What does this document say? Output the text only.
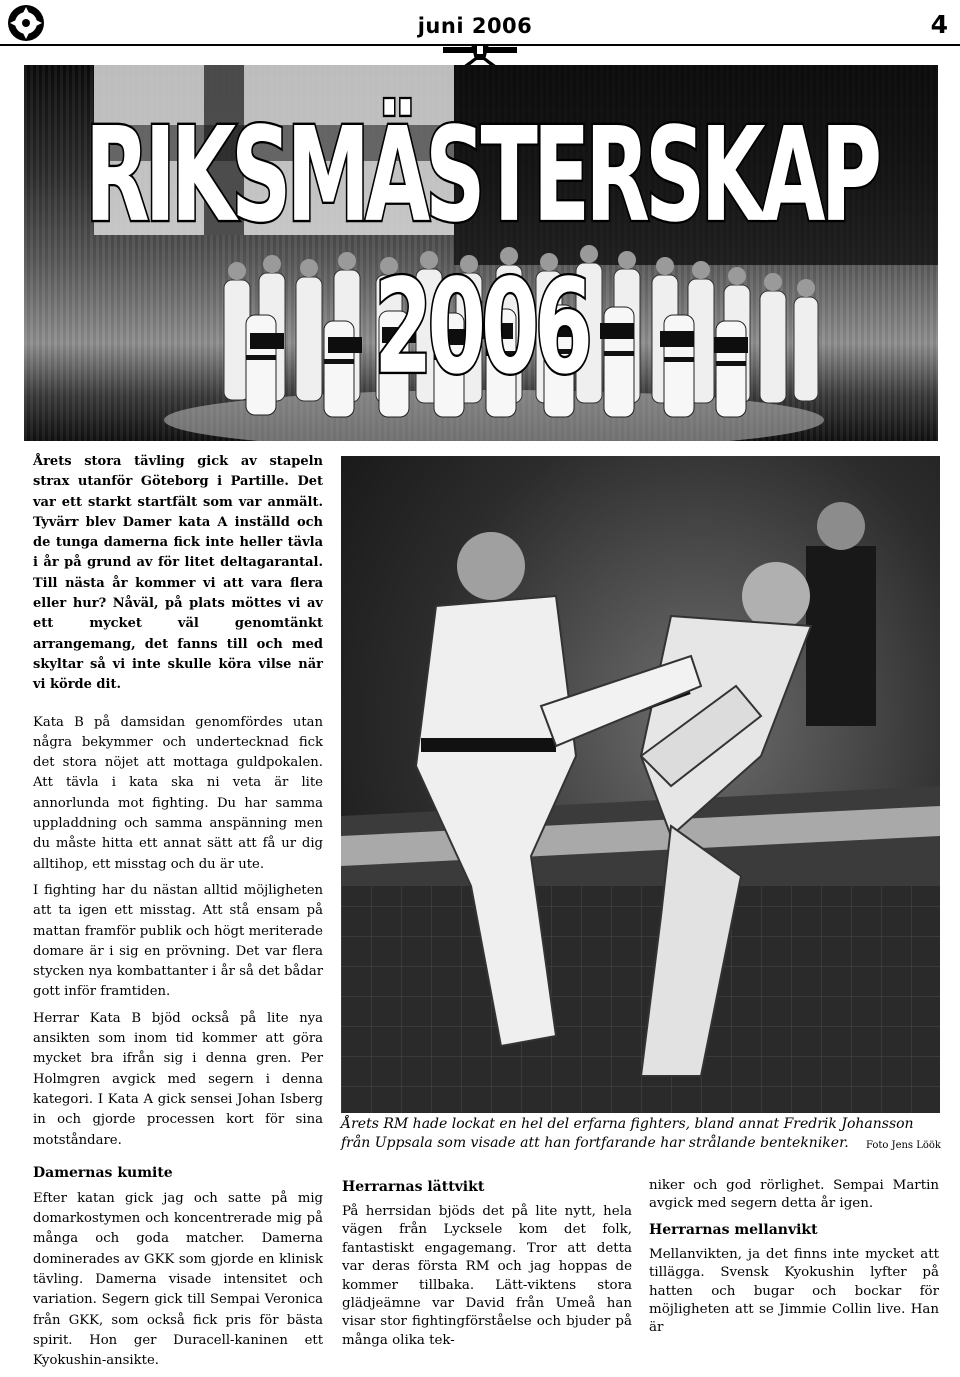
juni 2006	4

RIKSMÄSTERSKAP 2006

Årets stora tävling gick av stapeln strax utanför Göteborg i Partille. Det var ett starkt startfält som var anmält. Tyvärr blev Damer kata A inställd och de tunga damerna fick inte heller tävla i år på grund av för litet deltagarantal. Till nästa år kommer vi att vara flera eller hur? Nåväl, på plats möttes vi av ett mycket väl genomtänkt arrangemang, det fanns till och med skyltar så vi inte skulle köra vilse när vi körde dit.

Kata B på damsidan genomfördes utan några bekymmer och undertecknad fick det stora nöjet att mottaga guldpokalen. Att tävla i kata ska ni veta är lite annorlunda mot fighting. Du har samma uppladdning och samma anspänning men du måste hitta ett annat sätt att få ur dig alltihop, ett misstag och du är ute.

I fighting har du nästan alltid möjligheten att ta igen ett misstag. Att stå ensam på mattan framför publik och högt meriterade domare är i sig en prövning. Det var flera stycken nya kombattanter i år så det bådar gott inför framtiden.

Herrar Kata B bjöd också på lite nya ansikten som inom tid kommer att göra mycket bra ifrån sig i denna gren. Per Holmgren avgick med segern i denna kategori. I Kata A gick sensei Johan Isberg in och gjorde processen kort för sina motståndare.

Damernas kumite

Efter katan gick jag och satte på mig domarkostymen och koncentrerade mig på många och goda matcher. Damerna dominerades av GKK som gjorde en klinisk tävling. Damerna visade intensitet och variation. Segern gick till Sempai Veronica från GKK, som också fick pris för bästa spirit. Hon ger Duracell-kaninen ett Kyokushin-ansikte.

Årets RM hade lockat en hel del erfarna fighters, bland annat Fredrik Johansson från Uppsala som visade att han fortfarande har strålande bentekniker. Foto Jens Löök

Herrarnas lättvikt

På herrsidan bjöds det på lite nytt, hela vägen från Lycksele kom det folk, fantastiskt engagemang. Tror att detta var deras första RM och jag hoppas de kommer tillbaka. Lätt-viktens stora glädjeämne var David från Umeå han visar stor fightingförståelse och bjuder på många olika tek-

niker och god rörlighet. Sempai Martin avgick med segern detta år igen.

Herrarnas mellanvikt

Mellanvikten, ja det finns inte mycket att tillägga. Svensk Kyokushin lyfter på hatten och bugar och bockar för möjligheten att se Jimmie Collin live. Han är
